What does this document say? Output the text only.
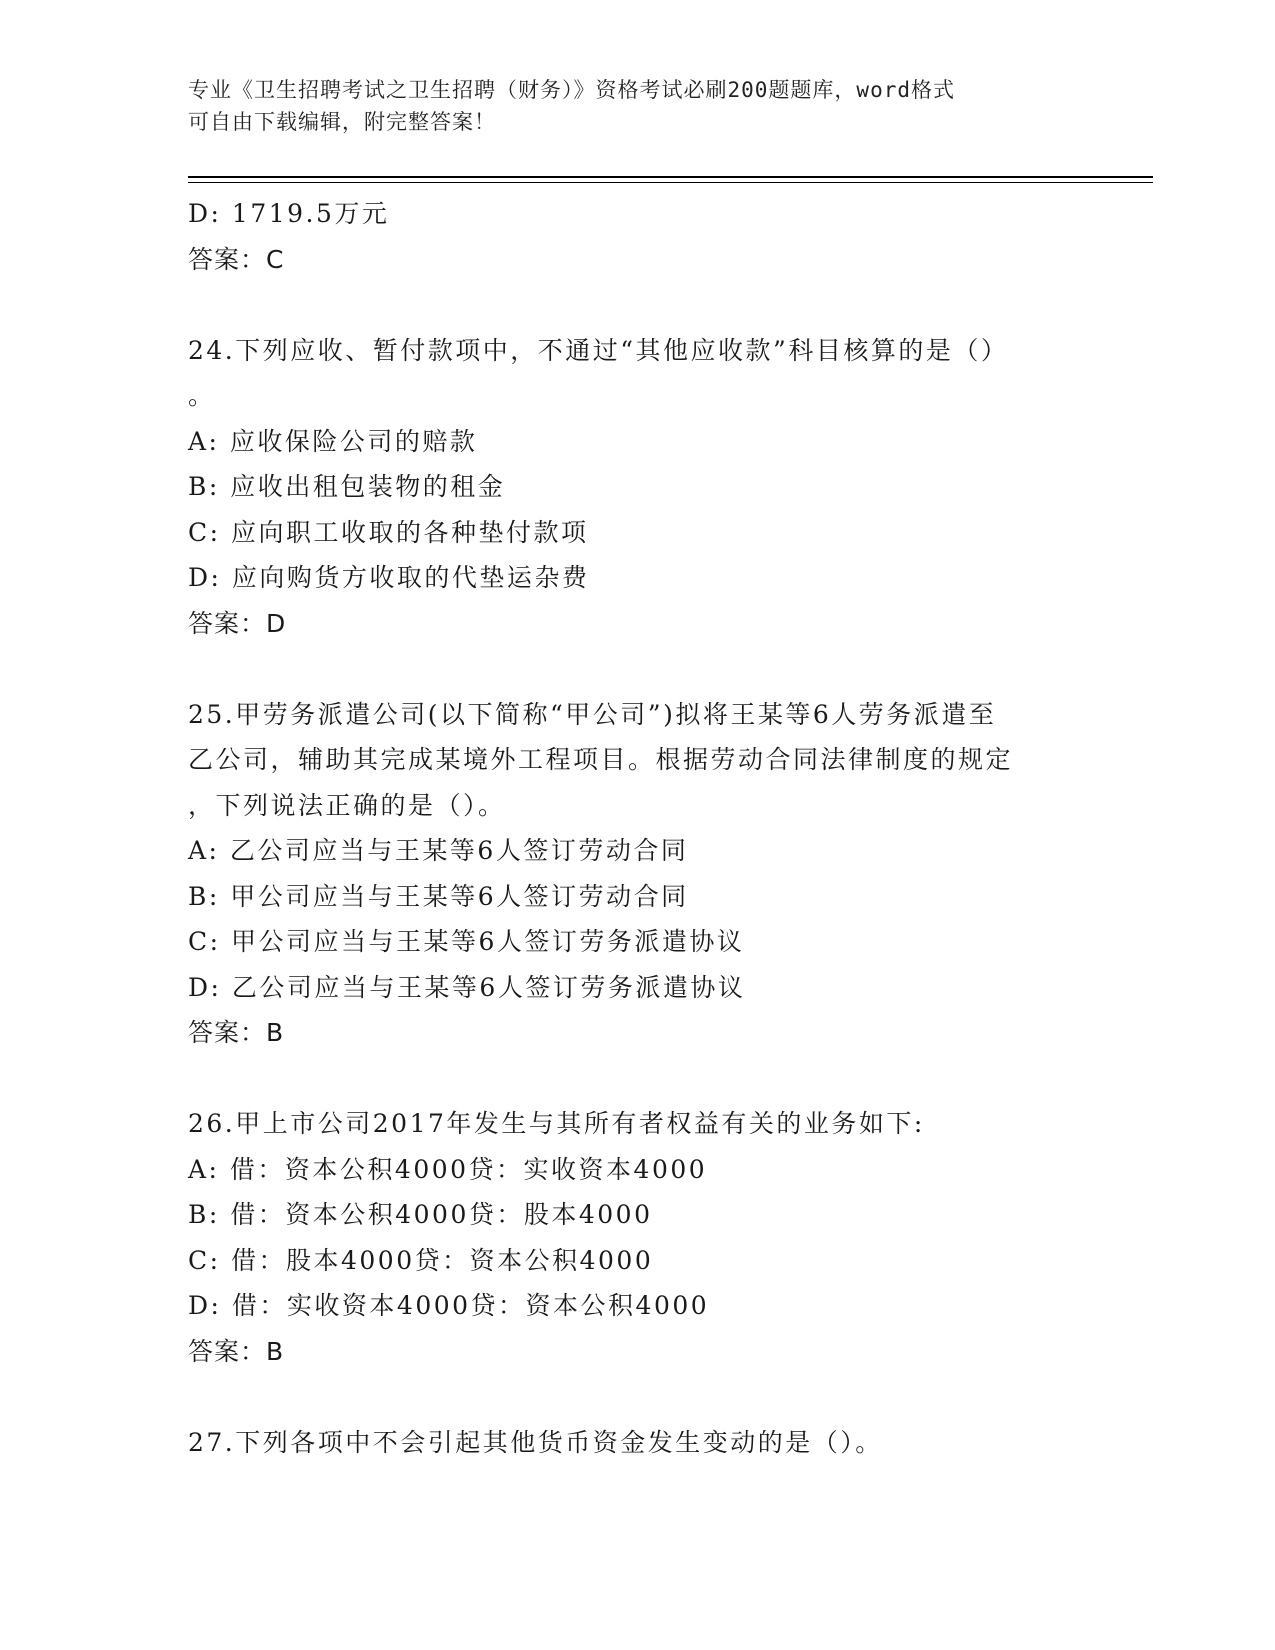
专业《卫生招聘考试之卫生招聘（财务）》资格考试必刷200题题库，word格式
可自由下载编辑，附完整答案！
D: 1719.5万元
答案：C
24.下列应收、暂付款项中，不通过“其他应收款”科目核算的是（）
。
A: 应收保险公司的赔款
B: 应收出租包装物的租金
C: 应向职工收取的各种垫付款项
D: 应向购货方收取的代垫运杂费
答案：D
25.甲劳务派遣公司(以下简称“甲公司”)拟将王某等6人劳务派遣至
乙公司，辅助其完成某境外工程项目。根据劳动合同法律制度的规定
，下列说法正确的是（）。
A: 乙公司应当与王某等6人签订劳动合同
B: 甲公司应当与王某等6人签订劳动合同
C: 甲公司应当与王某等6人签订劳务派遣协议
D: 乙公司应当与王某等6人签订劳务派遣协议
答案：B
26.甲上市公司2017年发生与其所有者权益有关的业务如下:
A: 借：资本公积4000贷：实收资本4000
B: 借：资本公积4000贷：股本4000
C: 借：股本4000贷：资本公积4000
D: 借：实收资本4000贷：资本公积4000
答案：B
27.下列各项中不会引起其他货币资金发生变动的是（）。
